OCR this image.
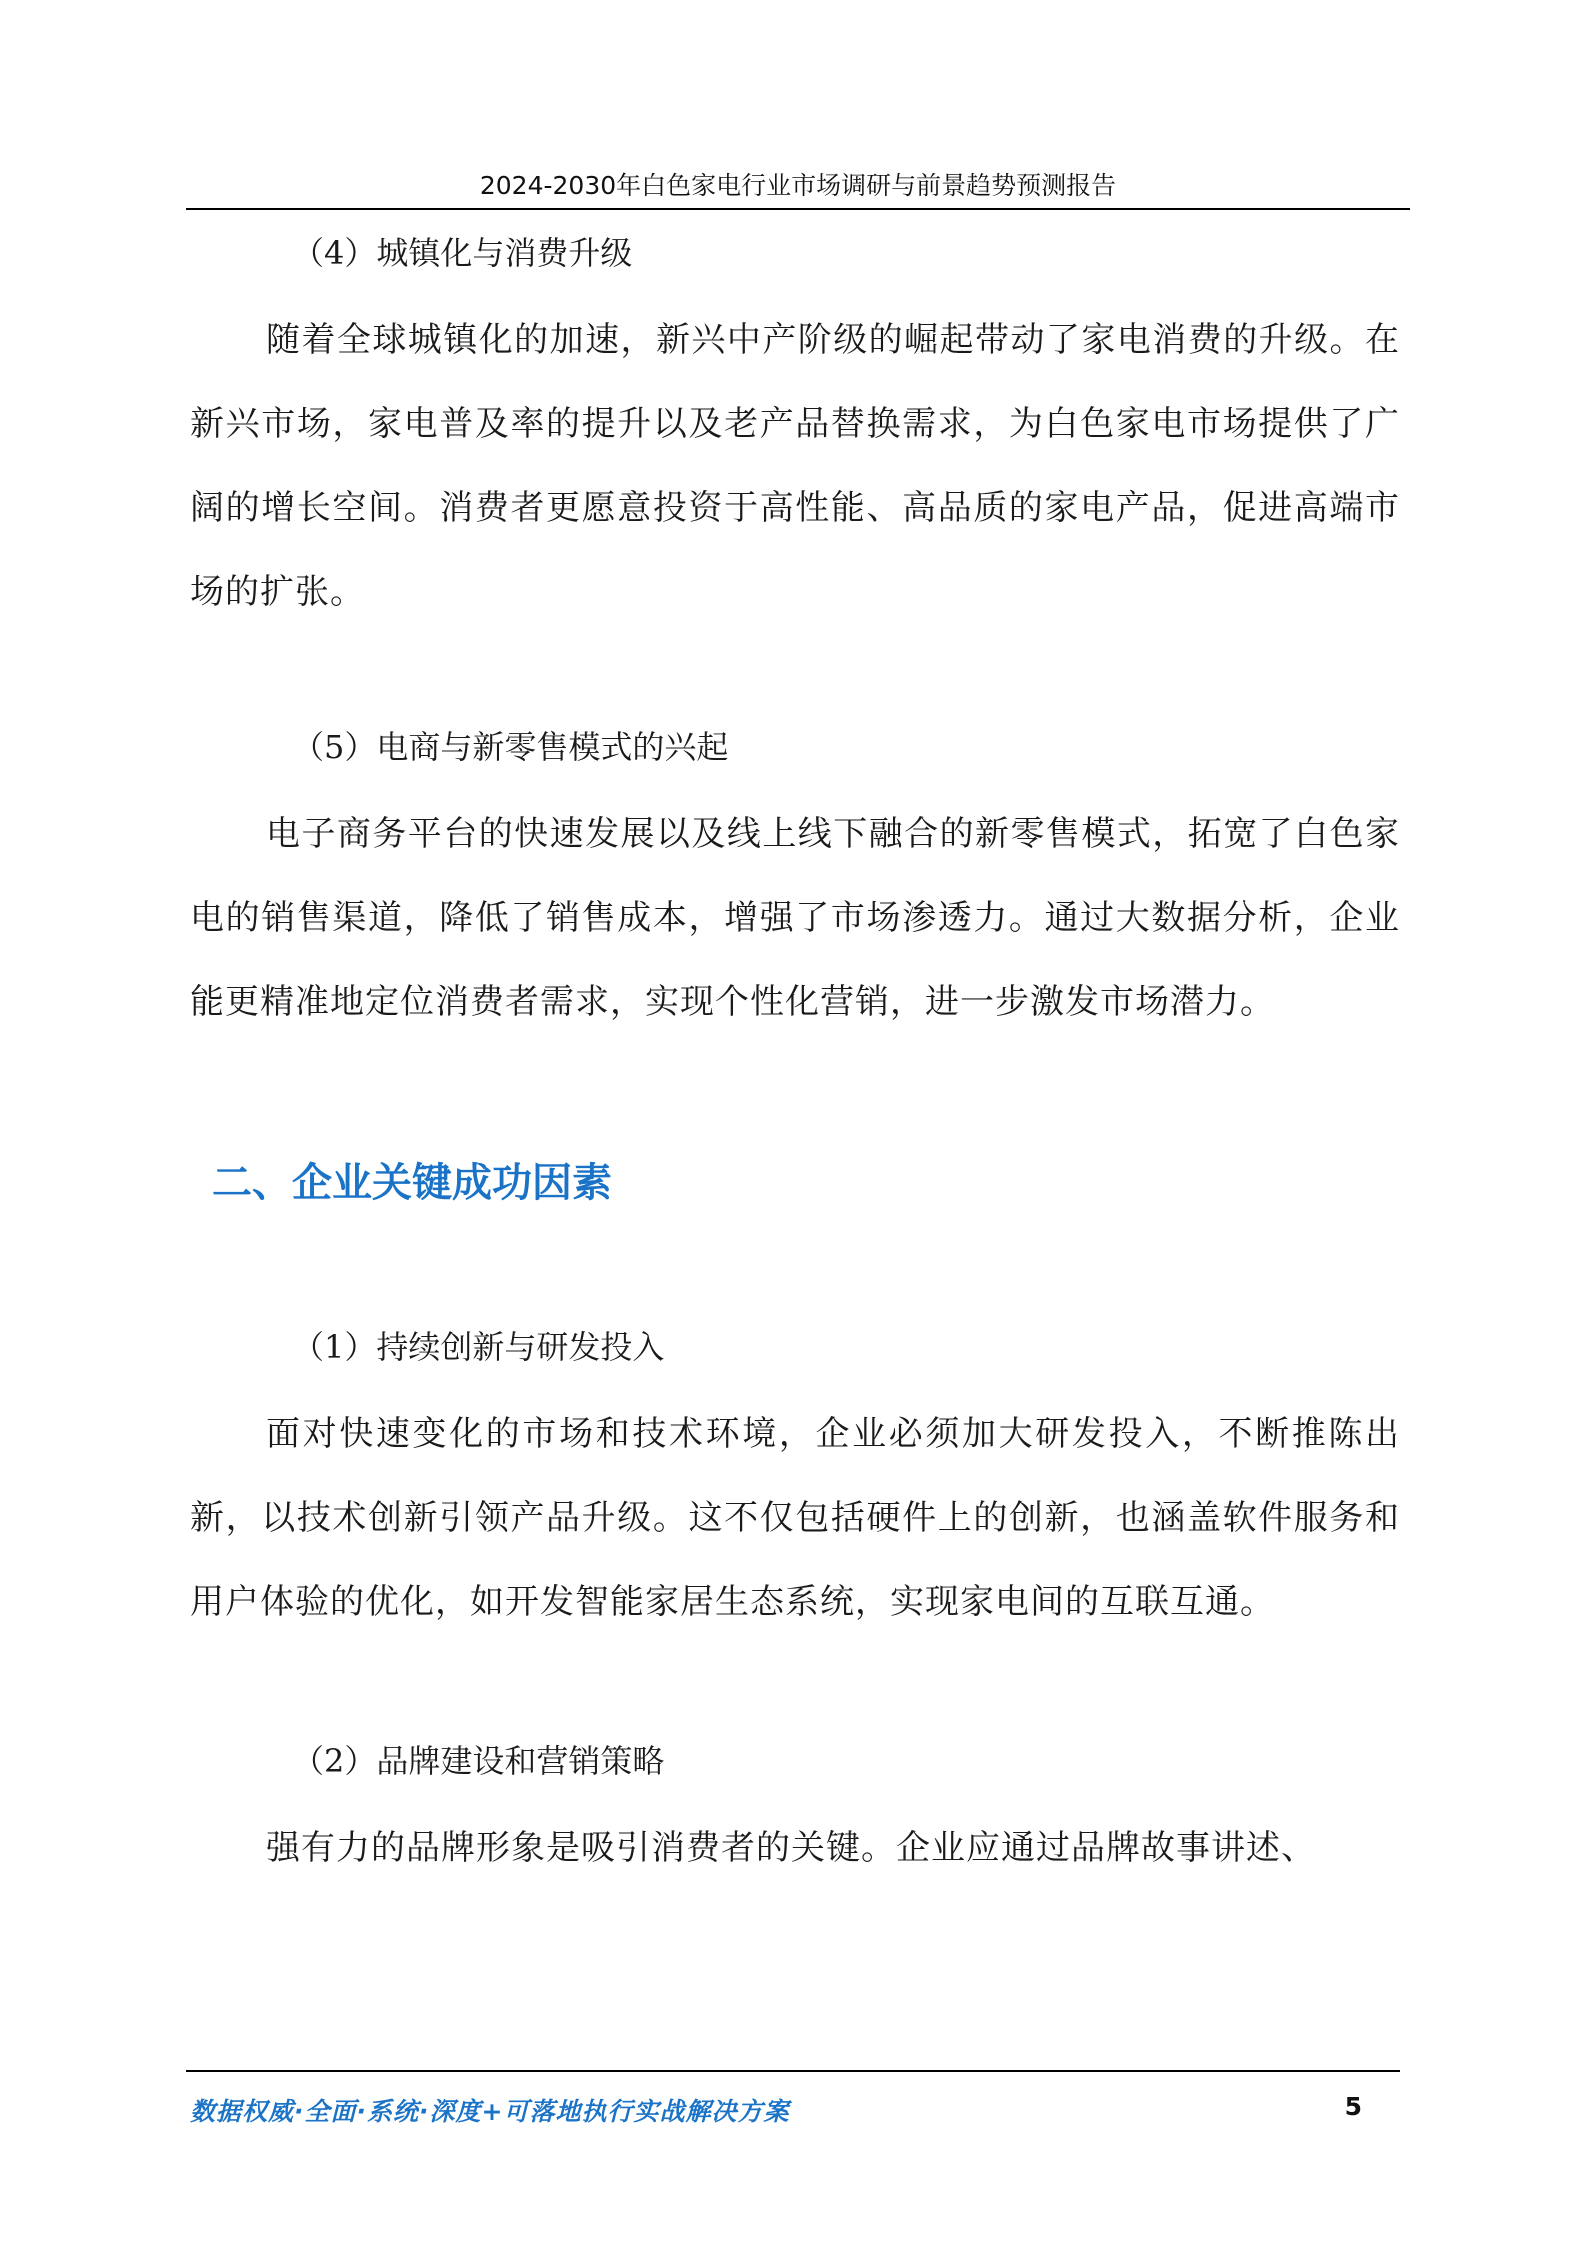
2024-2030年白色家电行业市场调研与前景趋势预测报告
（4）城镇化与消费升级

随着全球城镇化的加速，新兴中产阶级的崛起带动了家电消费的升级。在新兴市场，家电普及率的提升以及老产品替换需求，为白色家电市场提供了广阔的增长空间。消费者更愿意投资于高性能、高品质的家电产品，促进高端市场的扩张。

（5）电商与新零售模式的兴起

电子商务平台的快速发展以及线上线下融合的新零售模式，拓宽了白色家电的销售渠道，降低了销售成本，增强了市场渗透力。通过大数据分析，企业能更精准地定位消费者需求，实现个性化营销，进一步激发市场潜力。

二、企业关键成功因素
（1）持续创新与研发投入

面对快速变化的市场和技术环境，企业必须加大研发投入，不断推陈出新，以技术创新引领产品升级。这不仅包括硬件上的创新，也涵盖软件服务和用户体验的优化，如开发智能家居生态系统，实现家电间的互联互通。

（2）品牌建设和营销策略

强有力的品牌形象是吸引消费者的关键。企业应通过品牌故事讲述、

数据权威·全面·系统·深度+可落地执行实战解决方案	5
